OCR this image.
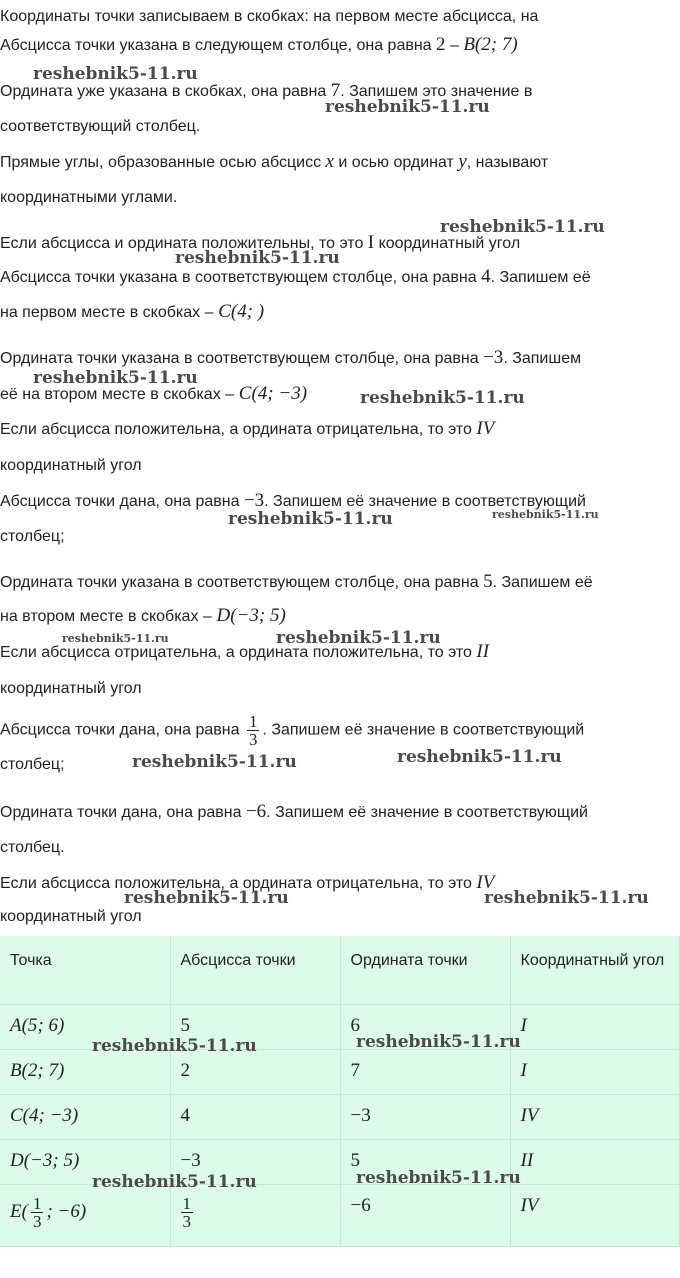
Координаты точки записываем в скобках: на первом месте абсцисса, на
Абсцисса точки указана в следующем столбце, она равна 2 – B(2; 7)
Ордината уже указана в скобках, она равна 7. Запишем это значение в
соответствующий столбец.
Прямые углы, образованные осью абсцисс x и осью ординат y, называют
координатными углами.
Если абсцисса и ордината положительны, то это I координатный угол
Абсцисса точки указана в соответствующем столбце, она равна 4. Запишем её
на первом месте в скобках – C(4; )
Ордината точки указана в соответствующем столбце, она равна −3. Запишем
её на втором месте в скобках – C(4; −3)
Если абсцисса положительна, а ордината отрицательна, то это IV
координатный угол
Абсцисса точки дана, она равна −3. Запишем её значение в соответствующий
столбец;
Ордината точки указана в соответствующем столбце, она равна 5. Запишем её
на втором месте в скобках – D(−3; 5)
Если абсцисса отрицательна, а ордината положительна, то это II
координатный угол
Абсцисса точки дана, она равна $\frac{1}{3}$ . Запишем её значение в соответствующий
столбец;
Ордината точки дана, она равна −6. Запишем её значение в соответствующий
столбец.
Если абсцисса положительна, а ордината отрицательна, то это IV
координатный угол
reshebnik5-11.ru
reshebnik5-11.ru
reshebnik5-11.ru
reshebnik5-11.ru
reshebnik5-11.ru
reshebnik5-11.ru
reshebnik5-11.ru	reshebnik5-11.ru
reshebnik5-11.ru	reshebnik5-11.ru
reshebnik5-11.ru	reshebnik5-11.ru
reshebnik5-11.ru	reshebnik5-11.ru
Точка	Абсцисса точки	Ордината точки	Координатный угол
A(5; 6)	5	6	I
B(2; 7)	2	7	I
C(4; −3)	4	−3	IV
D(−3; 5)	−3	5	II
$E( \frac{1}{3}$ ; −6)	$\frac{1}{3}$	−6	IV
reshebnik5-11.ru	reshebnik5-11.ru
reshebnik5-11.ru	reshebnik5-11.ru
